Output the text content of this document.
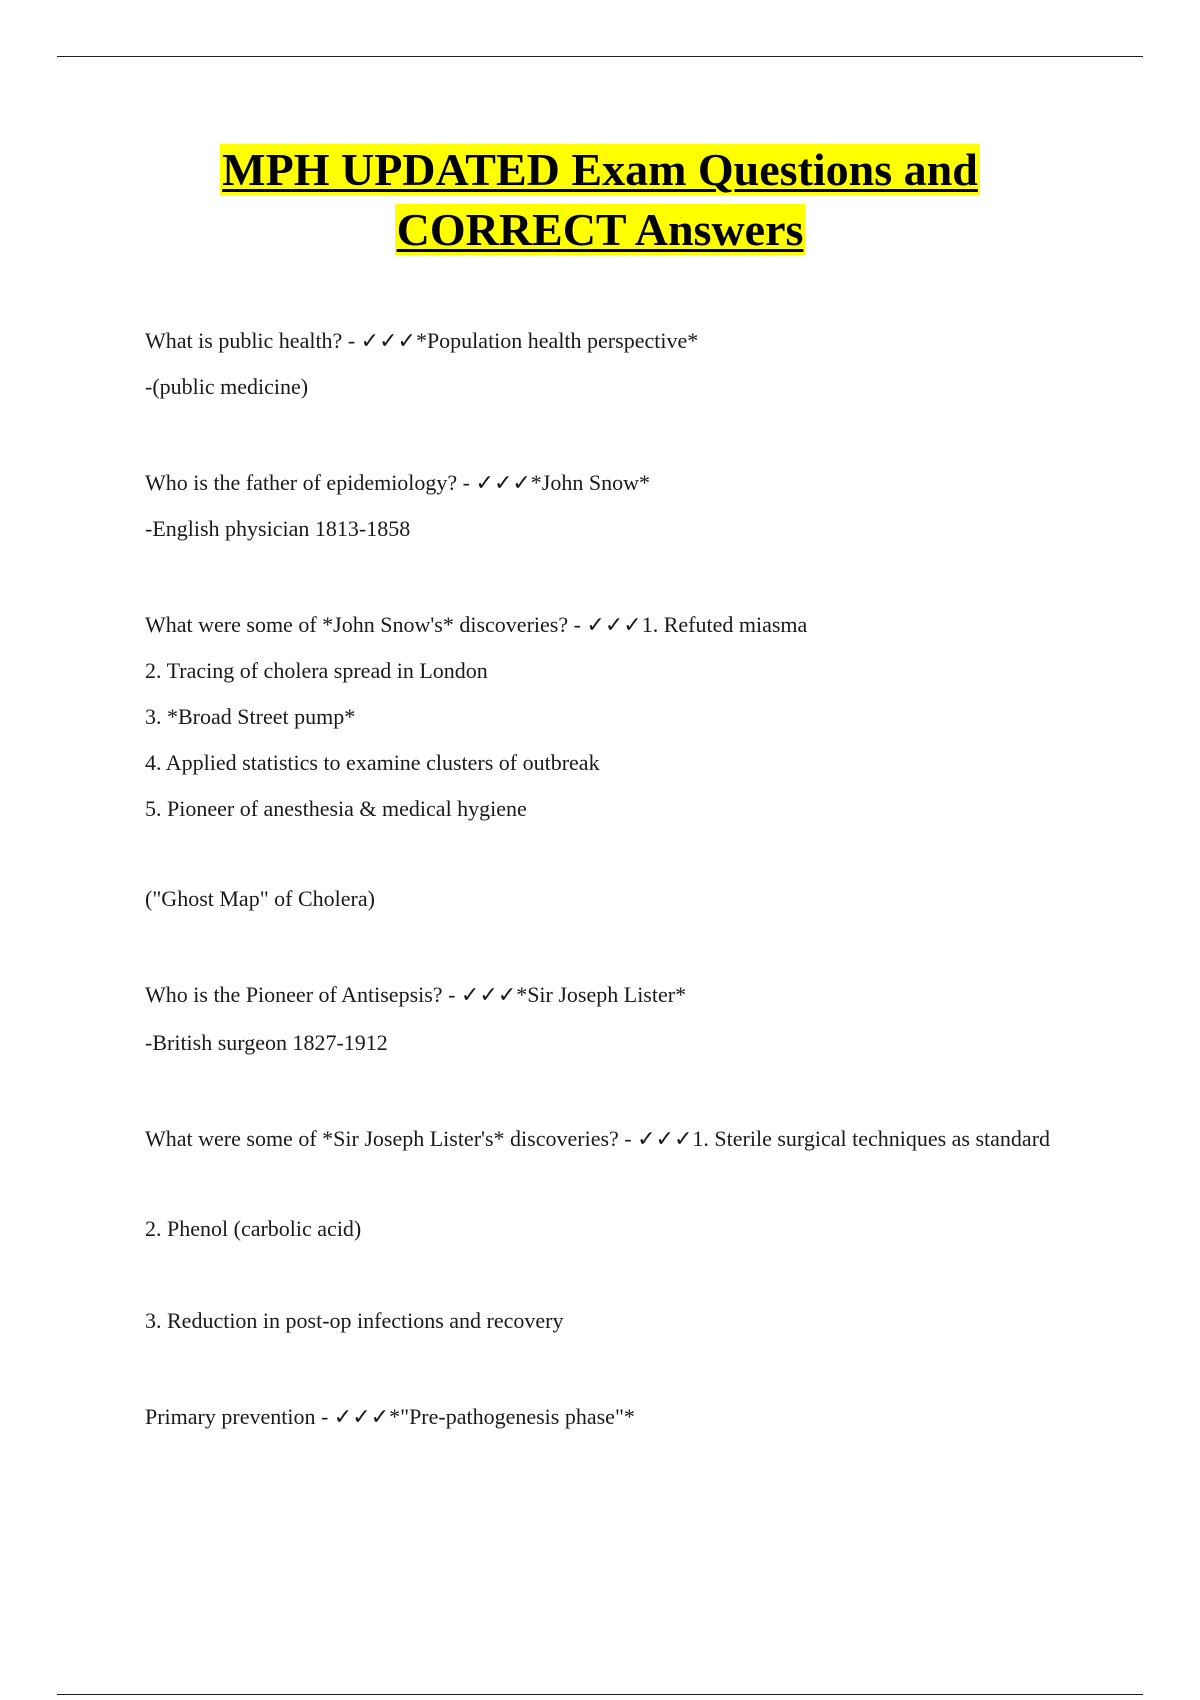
MPH UPDATED Exam Questions and
CORRECT Answers

What is public health? - ✓✓✓*Population health perspective*

-(public medicine)

Who is the father of epidemiology? - ✓✓✓*John Snow*

-English physician 1813-1858

What were some of *John Snow's* discoveries? - ✓✓✓1. Refuted miasma

2. Tracing of cholera spread in London

3. *Broad Street pump*

4. Applied statistics to examine clusters of outbreak

5. Pioneer of anesthesia & medical hygiene

("Ghost Map" of Cholera)

Who is the Pioneer of Antisepsis? - ✓✓✓*Sir Joseph Lister*

-British surgeon 1827-1912

What were some of *Sir Joseph Lister's* discoveries? - ✓✓✓1. Sterile surgical techniques as standard

2. Phenol (carbolic acid)

3. Reduction in post-op infections and recovery

Primary prevention - ✓✓✓*"Pre-pathogenesis phase"*
